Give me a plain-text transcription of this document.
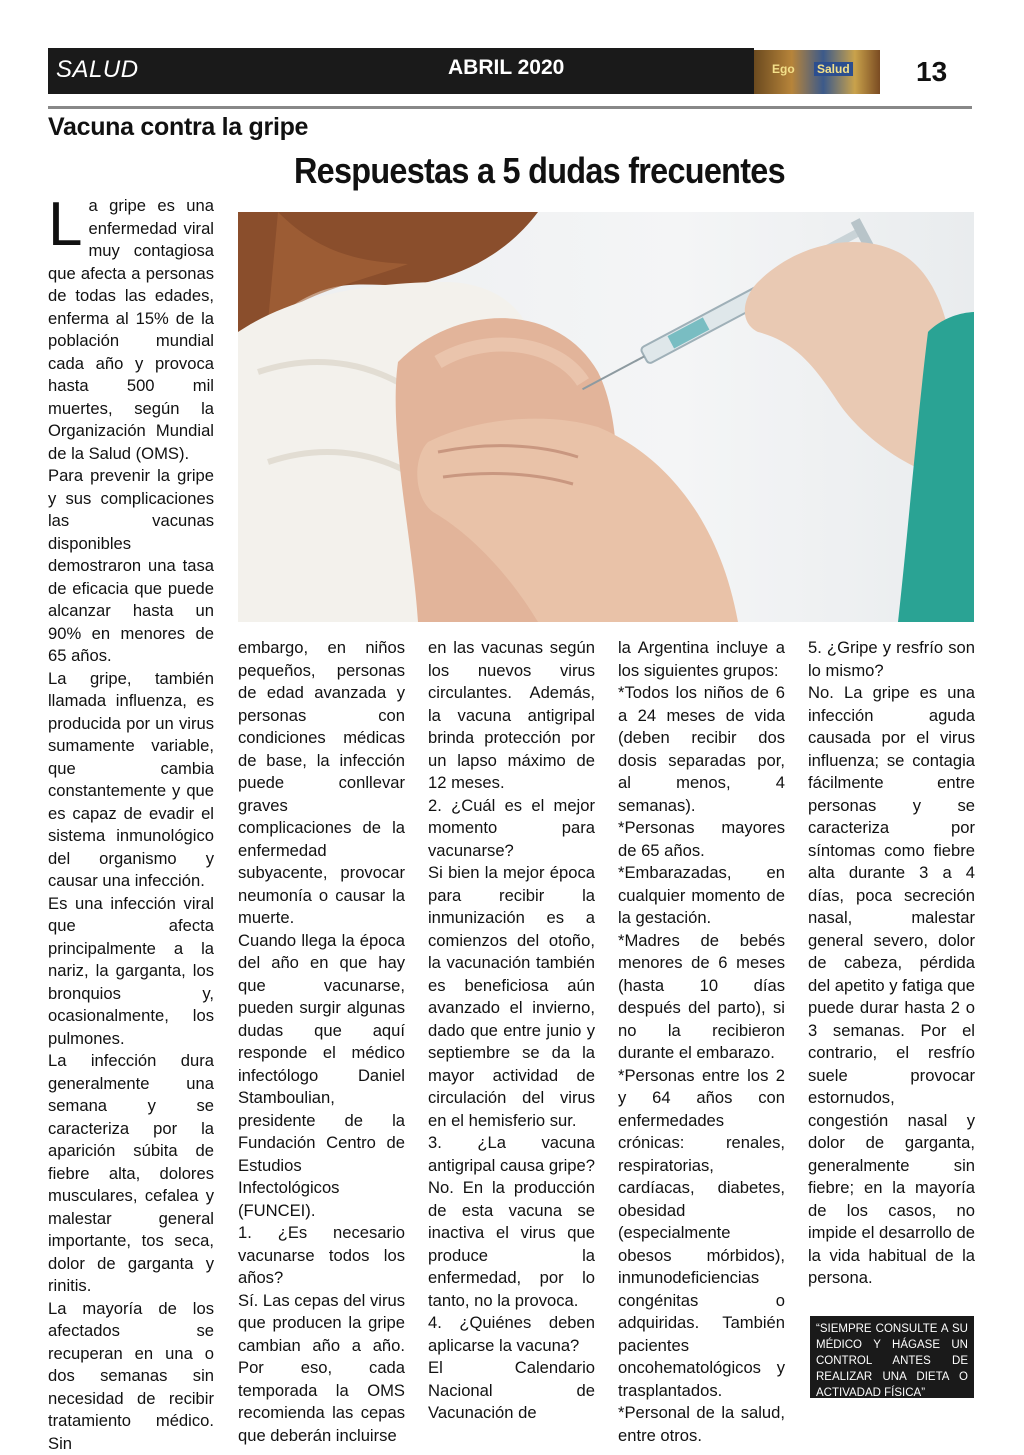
SALUD	ABRIL 2020	Ego Salud 13
Vacuna contra la gripe
Respuestas a 5 dudas frecuentes

La gripe es una enfermedad viral muy contagiosa que afecta a personas de todas las edades, enferma al 15% de la población mundial cada año y provoca hasta 500 mil muertes, según la Organización Mundial de la Salud (OMS).

Para prevenir la gripe y sus complicaciones las vacunas disponibles demostraron una tasa de eficacia que puede alcanzar hasta un 90% en menores de 65 años.

La gripe, también llamada influenza, es producida por un virus sumamente variable, que cambia constantemente y que es capaz de evadir el sistema inmunológico del organismo y causar una infección.

Es una infección viral que afecta principalmente a la nariz, la garganta, los bronquios y, ocasionalmente, los pulmones.

La infección dura generalmente una semana y se caracteriza por la aparición súbita de fiebre alta, dolores musculares, cefalea y malestar general importante, tos seca, dolor de garganta y rinitis.

La mayoría de los afectados se recuperan en una o dos semanas sin necesidad de recibir tratamiento médico. Sin

embargo, en niños pequeños, personas de edad avanzada y personas con condiciones médicas de base, la infección puede conllevar graves complicaciones de la enfermedad subyacente, provocar neumonía o causar la muerte.

Cuando llega la época del año en que hay que vacunarse, pueden surgir algunas dudas que aquí responde el médico infectólogo Daniel Stamboulian, presidente de la Fundación Centro de Estudios Infectológicos (FUNCEI).

1. ¿Es necesario vacunarse todos los años?

Sí. Las cepas del virus que producen la gripe cambian año a año. Por eso, cada temporada la OMS recomienda las cepas que deberán incluirse

en las vacunas según los nuevos virus circulantes. Además, la vacuna antigripal brinda protección por un lapso máximo de 12 meses.

2. ¿Cuál es el mejor momento para vacunarse?

Si bien la mejor época para recibir la inmunización es a comienzos del otoño, la vacunación también es beneficiosa aún avanzado el invierno, dado que entre junio y septiembre se da la mayor actividad de circulación del virus en el hemisferio sur.

3. ¿La vacuna antigripal causa gripe?

No. En la producción de esta vacuna se inactiva el virus que produce la enfermedad, por lo tanto, no la provoca.

4. ¿Quiénes deben aplicarse la vacuna?

El Calendario Nacional de Vacunación de

la Argentina incluye a los siguientes grupos:

*Todos los niños de 6 a 24 meses de vida (deben recibir dos dosis separadas por, al menos, 4 semanas).

*Personas mayores de 65 años.

*Embarazadas, en cualquier momento de la gestación.

*Madres de bebés menores de 6 meses (hasta 10 días después del parto), si no la recibieron durante el embarazo.

*Personas entre los 2 y 64 años con enfermedades crónicas: renales, respiratorias, cardíacas, diabetes, obesidad (especialmente obesos mórbidos), inmunodeficiencias congénitas o adquiridas. También pacientes oncohematológicos y trasplantados.

*Personal de la salud, entre otros.

5. ¿Gripe y resfrío son lo mismo?

No. La gripe es una infección aguda causada por el virus influenza; se contagia fácilmente entre personas y se caracteriza por síntomas como fiebre alta durante 3 a 4 días, poca secreción nasal, malestar general severo, dolor de cabeza, pérdida del apetito y fatiga que puede durar hasta 2 o 3 semanas. Por el contrario, el resfrío suele provocar estornudos, congestión nasal y dolor de garganta, generalmente sin fiebre; en la mayoría de los casos, no impide el desarrollo de la vida habitual de la persona.

“SIEMPRE CONSULTE A SU MÉDICO Y HÁGASE UN CONTROL ANTES DE REALIZAR UNA DIETA O ACTIVADAD FÍSICA”
